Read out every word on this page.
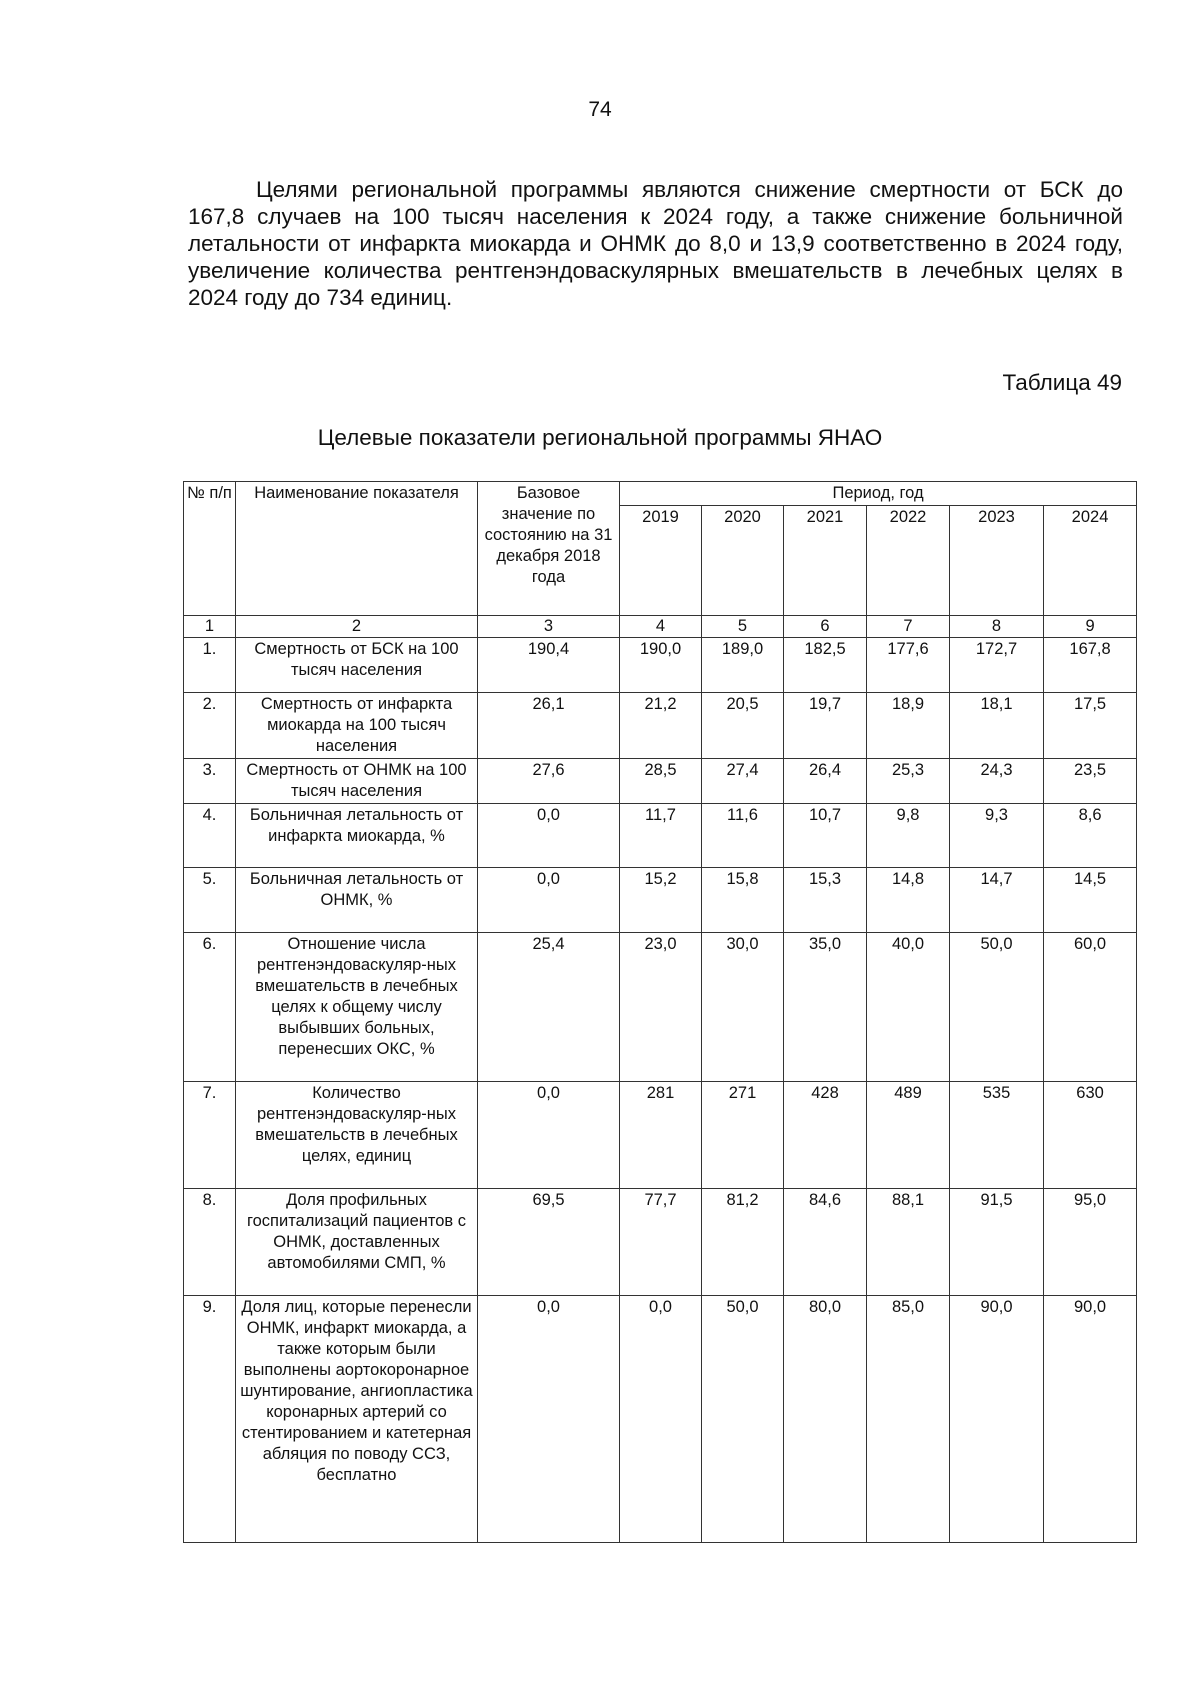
74

Целями региональной программы являются снижение смертности от БСК до 167,8 случаев на 100 тысяч населения к 2024 году, а также снижение больничной летальности от инфаркта миокарда и ОНМК до 8,0 и 13,9 соответственно в 2024 году, увеличение количества рентгенэндоваскулярных вмешательств в лечебных целях в 2024 году до 734 единиц.

Таблица 49
Целевые показатели региональной программы ЯНАО
№ п/п	Наименование показателя	Базовое значение по состоянию на 31 декабря 2018 года	Период, год					
			2019	2020	2021	2022	2023	2024
1	2	3	4	5	6	7	8	9
1.	Смертность от БСК на 100 тысяч населения	190,4	190,0	189,0	182,5	177,6	172,7	167,8
2.	Смертность от инфаркта миокарда на 100 тысяч населения	26,1	21,2	20,5	19,7	18,9	18,1	17,5
3.	Смертность от ОНМК на 100 тысяч населения	27,6	28,5	27,4	26,4	25,3	24,3	23,5
4.	Больничная летальность от инфаркта миокарда, %	0,0	11,7	11,6	10,7	9,8	9,3	8,6
5.	Больничная летальность от ОНМК, %	0,0	15,2	15,8	15,3	14,8	14,7	14,5
6.	Отношение числа рентгенэндоваскуляр-ных вмешательств в лечебных целях к общему числу выбывших больных, перенесших ОКС, %	25,4	23,0	30,0	35,0	40,0	50,0	60,0
7.	Количество рентгенэндоваскуляр-ных вмешательств в лечебных целях, единиц	0,0	281	271	428	489	535	630
8.	Доля профильных госпитализаций пациентов с ОНМК, доставленных автомобилями СМП, %	69,5	77,7	81,2	84,6	88,1	91,5	95,0
9.	Доля лиц, которые перенесли ОНМК, инфаркт миокарда, а также которым были выполнены аортокоронарное шунтирование, ангиопластика коронарных артерий со стентированием и катетерная абляция по поводу ССЗ, бесплатно	0,0	0,0	50,0	80,0	85,0	90,0	90,0
